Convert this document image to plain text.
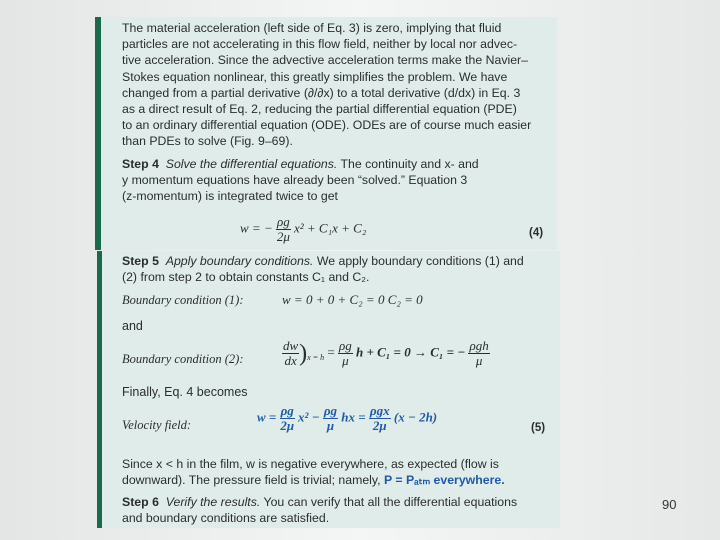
The material acceleration (left side of Eq. 3) is zero, implying that fluid
particles are not accelerating in this flow field, neither by local nor advec-
tive acceleration. Since the advective acceleration terms make the Navier–
Stokes equation nonlinear, this greatly simplifies the problem. We have
changed from a partial derivative (∂/∂x) to a total derivative (d/dx) in Eq. 3
as a direct result of Eq. 2, reducing the partial differential equation (PDE)
to an ordinary differential equation (ODE). ODEs are of course much easier
than PDEs to solve (Fig. 9–69).

Step 4 Solve the differential equations. The continuity and x- and
y momentum equations have already been “solved.” Equation 3
(z-momentum) is integrated twice to get

w = − $\frac{\rho g}{2\mu} x^2 + C_1x + C_2$	(4)

Step 5 Apply boundary conditions. We apply boundary conditions (1) and
(2) from step 2 to obtain constants C₁ and C₂.

Boundary condition (1):	w = 0 + 0 + C₂ = 0 C₂ = 0
and
Boundary condition (2):	$\frac{dw}{dx} )_{x = h} = \frac{\rho g}{\mu}$ h + C₁ = 0 → C₁ = − $\frac{\text{ρgh}}{\mu}$
Finally, Eq. 4 becomes
Velocity field:
$w = \frac{\rho g}{2\mu} x^2 - \frac{\rho g}{\mu}$ hx = $\frac{\text{ρgx}}{2\mu} (x - 2h)$
(5)

Since x < h in the film, w is negative everywhere, as expected (flow is
downward). The pressure field is trivial; namely, P = Pₐₜₘ everywhere.

Step 6 Verify the results. You can verify that all the differential equations
and boundary conditions are satisfied.

90
